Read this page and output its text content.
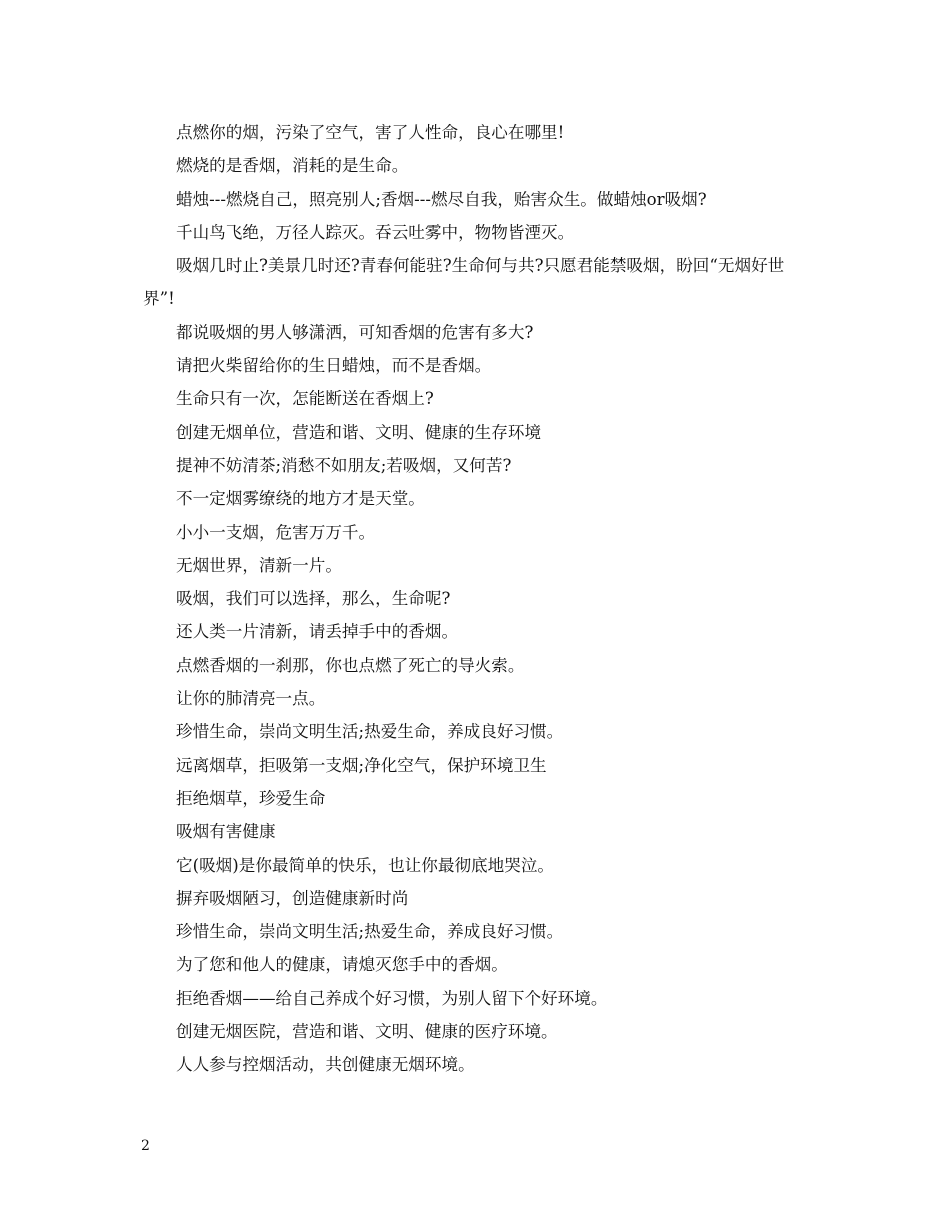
点燃你的烟，污染了空气，害了人性命，良心在哪里!

燃烧的是香烟，消耗的是生命。

蜡烛---燃烧自己，照亮别人;香烟---燃尽自我，贻害众生。做蜡烛or吸烟?

千山鸟飞绝，万径人踪灭。吞云吐雾中，物物皆湮灭。

吸烟几时止?美景几时还?青春何能驻?生命何与共?只愿君能禁吸烟，盼回“无烟好世界”!

都说吸烟的男人够潇洒，可知香烟的危害有多大?

请把火柴留给你的生日蜡烛，而不是香烟。

生命只有一次，怎能断送在香烟上?

创建无烟单位，营造和谐、文明、健康的生存环境

提神不妨清茶;消愁不如朋友;若吸烟，又何苦?

不一定烟雾缭绕的地方才是天堂。

小小一支烟，危害万万千。

无烟世界，清新一片。

吸烟，我们可以选择，那么，生命呢?

还人类一片清新，请丢掉手中的香烟。

点燃香烟的一刹那，你也点燃了死亡的导火索。

让你的肺清亮一点。

珍惜生命，崇尚文明生活;热爱生命，养成良好习惯。

远离烟草，拒吸第一支烟;净化空气，保护环境卫生

拒绝烟草，珍爱生命

吸烟有害健康

它(吸烟)是你最简单的快乐，也让你最彻底地哭泣。

摒弃吸烟陋习，创造健康新时尚

珍惜生命，崇尚文明生活;热爱生命，养成良好习惯。

为了您和他人的健康，请熄灭您手中的香烟。

拒绝香烟——给自己养成个好习惯，为别人留下个好环境。

创建无烟医院，营造和谐、文明、健康的医疗环境。

人人参与控烟活动，共创健康无烟环境。

2
